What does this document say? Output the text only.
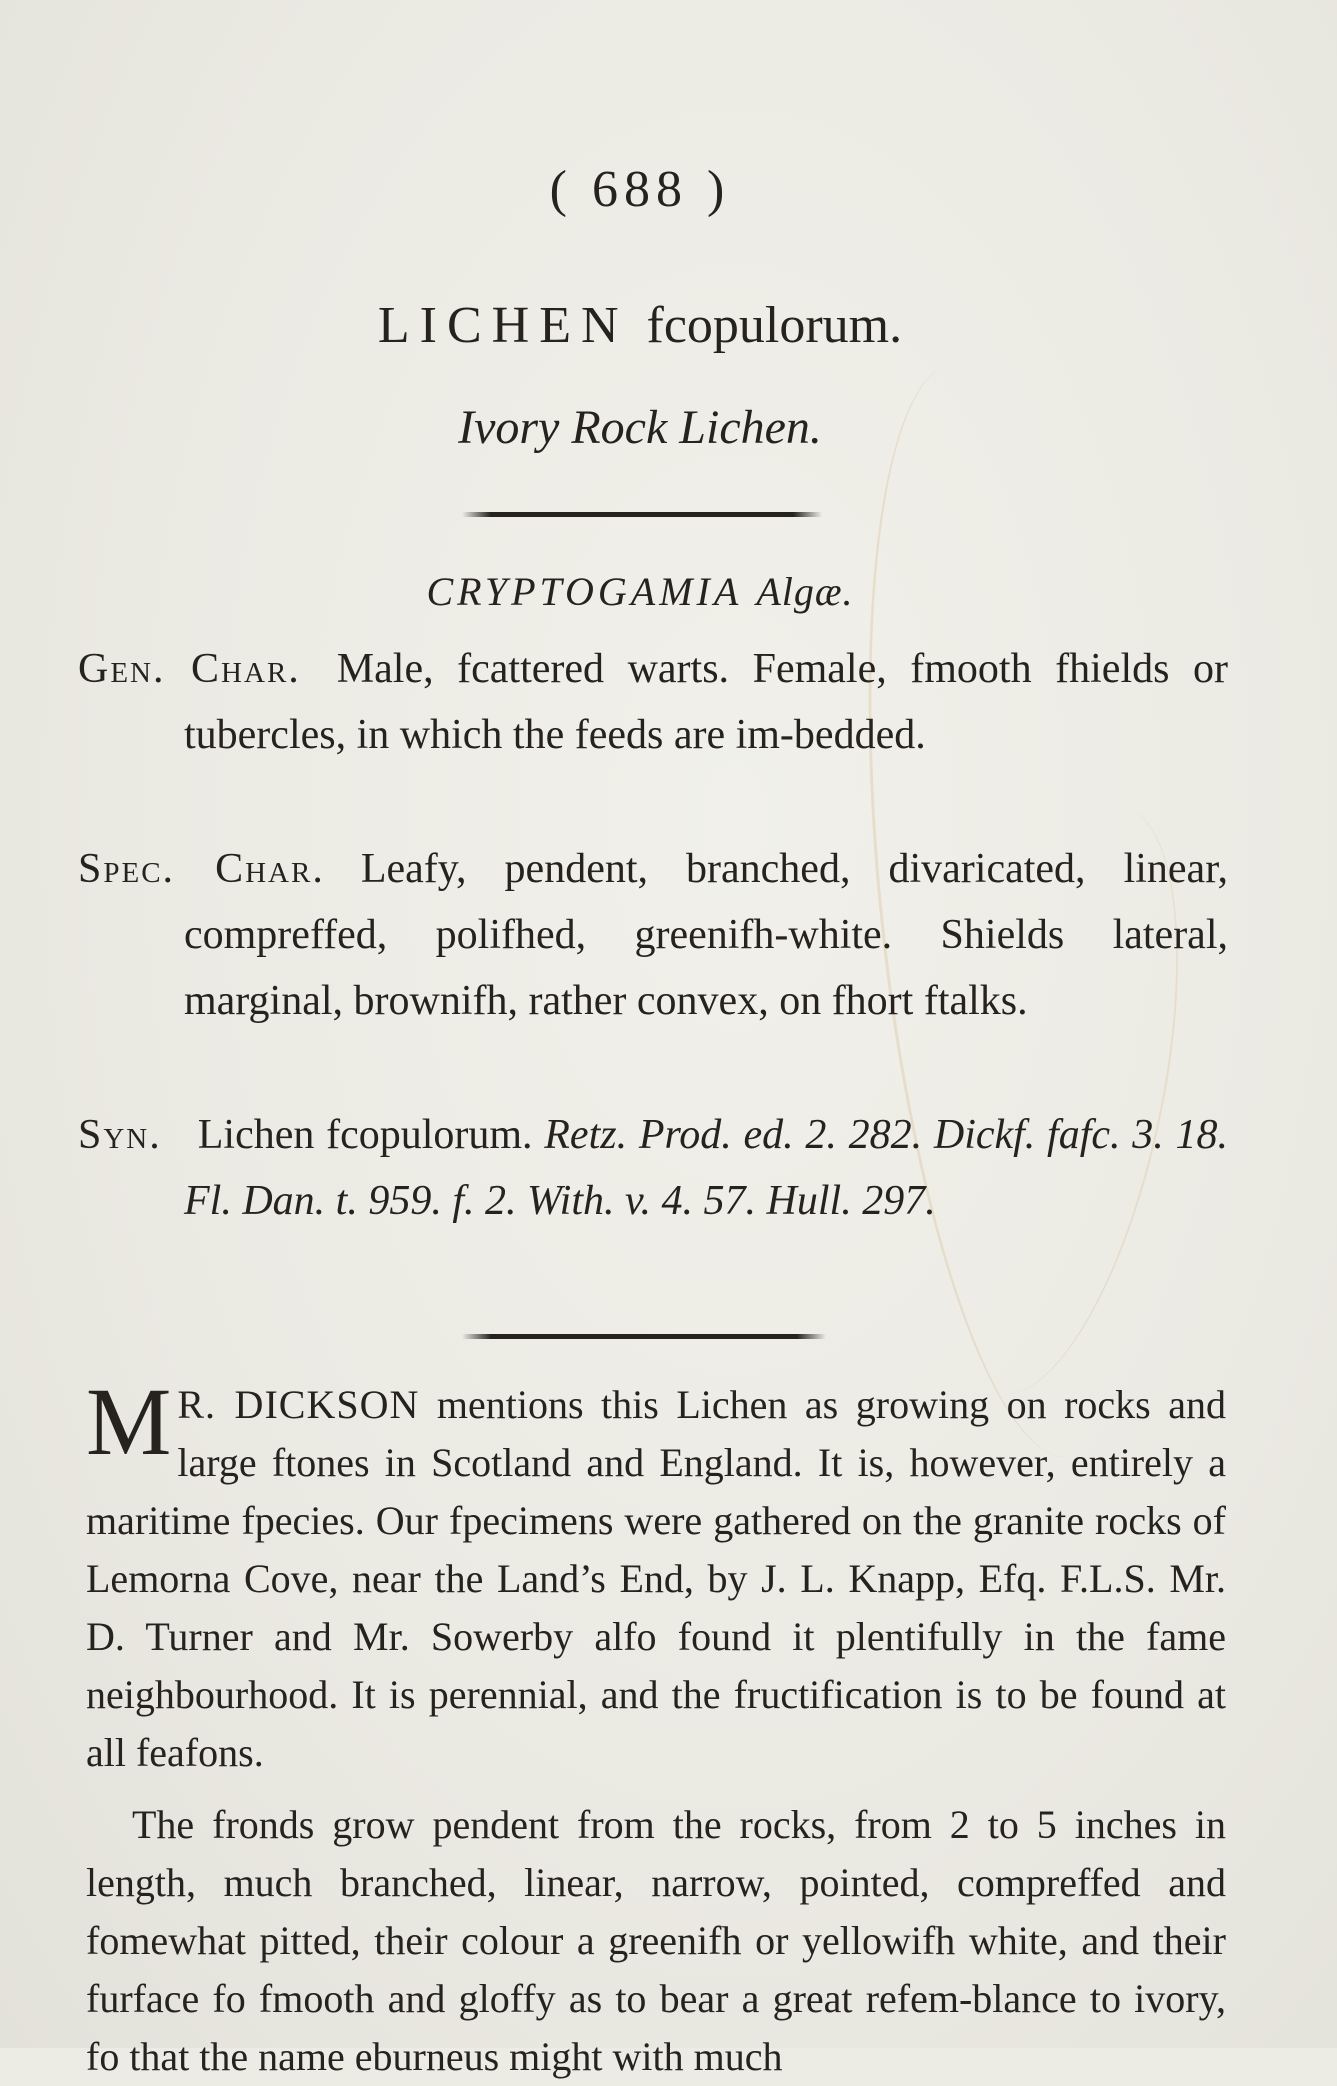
( 688 )
LICHEN fcopulorum.
Ivory Rock Lichen.
CRYPTOGAMIA Algæ.
Gen. Char. Male, fcattered warts. Female, fmooth fhields or tubercles, in which the feeds are im-bedded.
Spec. Char. Leafy, pendent, branched, divaricated, linear, compreffed, polifhed, greenifh-white. Shields lateral, marginal, brownifh, rather convex, on fhort ftalks.
Syn. Lichen fcopulorum. Retz. Prod. ed. 2. 282. Dickf. fafc. 3. 18. Fl. Dan. t. 959. f. 2. With. v. 4. 57. Hull. 297.
M R. DICKSON mentions this Lichen as growing on rocks and large ftones in Scotland and England. It is, however, entirely a maritime fpecies. Our fpecimens were gathered on the granite rocks of Lemorna Cove, near the Land’s End, by J. L. Knapp, Efq. F.L.S. Mr. D. Turner and Mr. Sowerby alfo found it plentifully in the fame neighbourhood. It is perennial, and the fructification is to be found at all feafons.
The fronds grow pendent from the rocks, from 2 to 5 inches in length, much branched, linear, narrow, pointed, compreffed and fomewhat pitted, their colour a greenifh or yellowifh white, and their furface fo fmooth and gloffy as to bear a great refem-blance to ivory, fo that the name eburneus might with much
